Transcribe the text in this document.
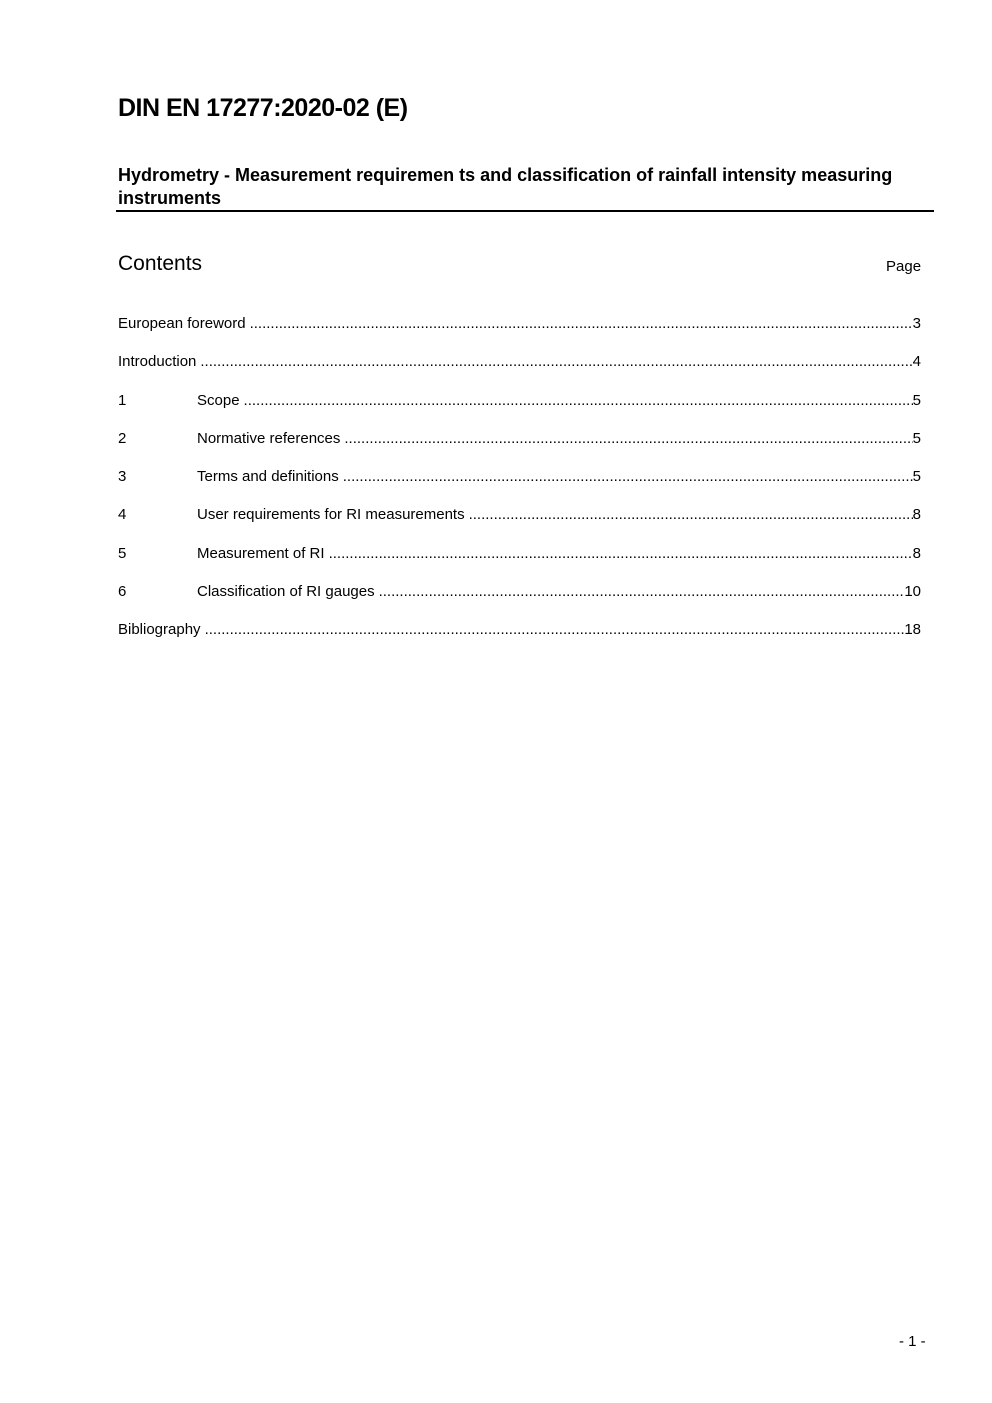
DIN EN 17277:2020-02 (E)
Hydrometry - Measurement requiremen ts and classification of rainfall intensity measuring instruments
Contents	Page
European foreword .....	3
Introduction .....	4
1	Scope .....	5
2	Normative references .....	5
3	Terms and definitions .....	5
4	User requirements for RI measurements .....	8
5	Measurement of RI .....	8
6	Classification of RI gauges .....	10
Bibliography .....	18
- 1 -
